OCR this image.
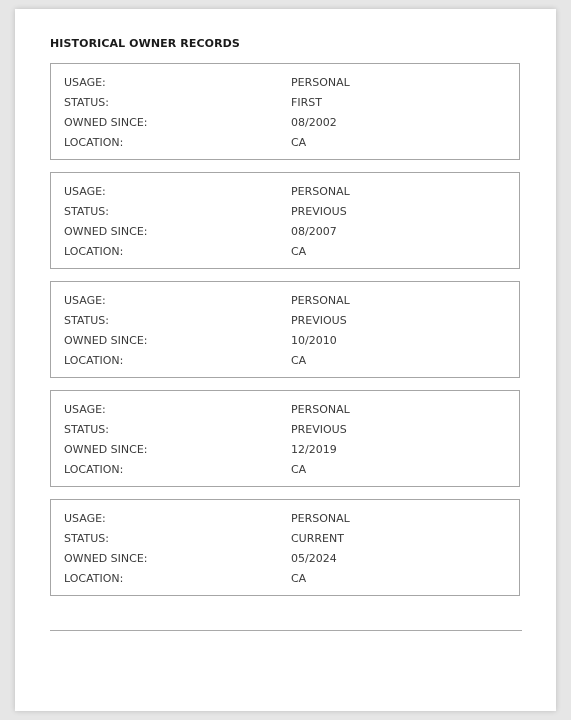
HISTORICAL OWNER RECORDS
USAGE:	PERSONAL
STATUS:	FIRST
OWNED SINCE:	08/2002
LOCATION:	CA
USAGE:	PERSONAL
STATUS:	PREVIOUS
OWNED SINCE:	08/2007
LOCATION:	CA
USAGE:	PERSONAL
STATUS:	PREVIOUS
OWNED SINCE:	10/2010
LOCATION:	CA
USAGE:	PERSONAL
STATUS:	PREVIOUS
OWNED SINCE:	12/2019
LOCATION:	CA
USAGE:	PERSONAL
STATUS:	CURRENT
OWNED SINCE:	05/2024
LOCATION:	CA
